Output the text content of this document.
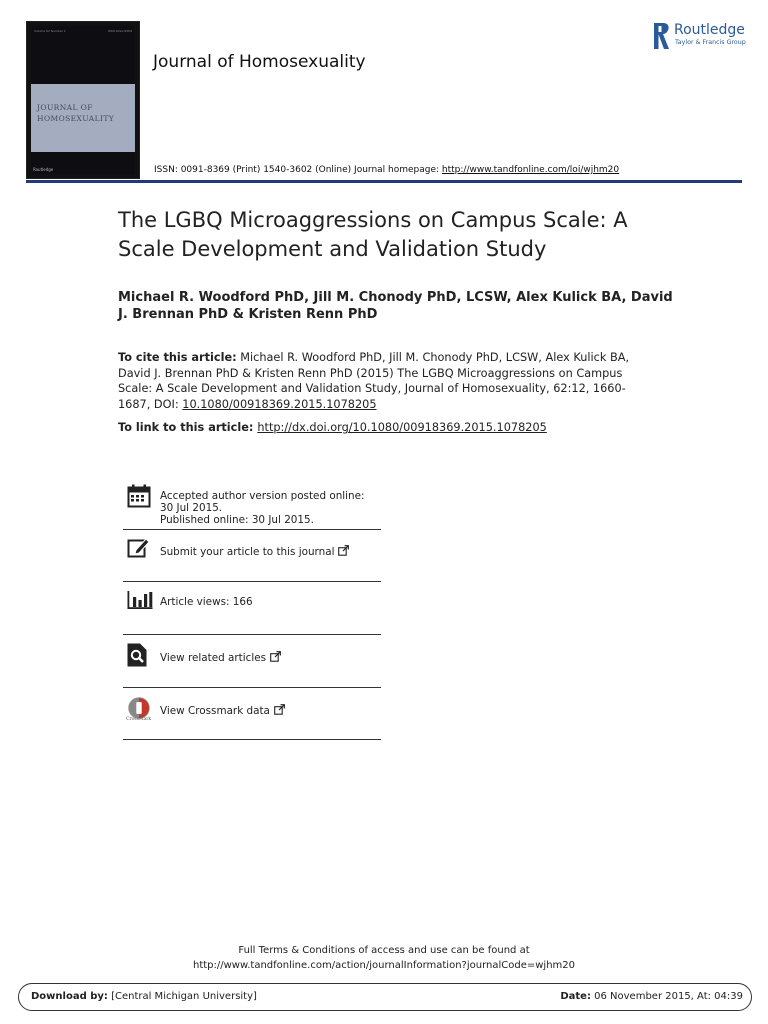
Volume 62 Number 1	ISSN 0091-8369
JOURNAL OF HOMOSEXUALITY
Routledge
Journal of Homosexuality
ISSN: 0091-8369 (Print) 1540-3602 (Online) Journal homepage: http://www.tandfonline.com/loi/wjhm20
Routledge
Taylor & Francis Group
The LGBQ Microaggressions on Campus Scale: A Scale Development and Validation Study
Michael R. Woodford PhD, Jill M. Chonody PhD, LCSW, Alex Kulick BA, David J. Brennan PhD & Kristen Renn PhD
To cite this article: Michael R. Woodford PhD, Jill M. Chonody PhD, LCSW, Alex Kulick BA, David J. Brennan PhD & Kristen Renn PhD (2015) The LGBQ Microaggressions on Campus Scale: A Scale Development and Validation Study, Journal of Homosexuality, 62:12, 1660-1687, DOI: 10.1080/00918369.2015.1078205
To link to this article: http://dx.doi.org/10.1080/00918369.2015.1078205
Accepted author version posted online: 30 Jul 2015.
Published online: 30 Jul 2015.
Submit your article to this journal
Article views: 166
View related articles
CrossMark
View Crossmark data
Full Terms & Conditions of access and use can be found at
http://www.tandfonline.com/action/journalInformation?journalCode=wjhm20
Download by: [Central Michigan University]	Date: 06 November 2015, At: 04:39
